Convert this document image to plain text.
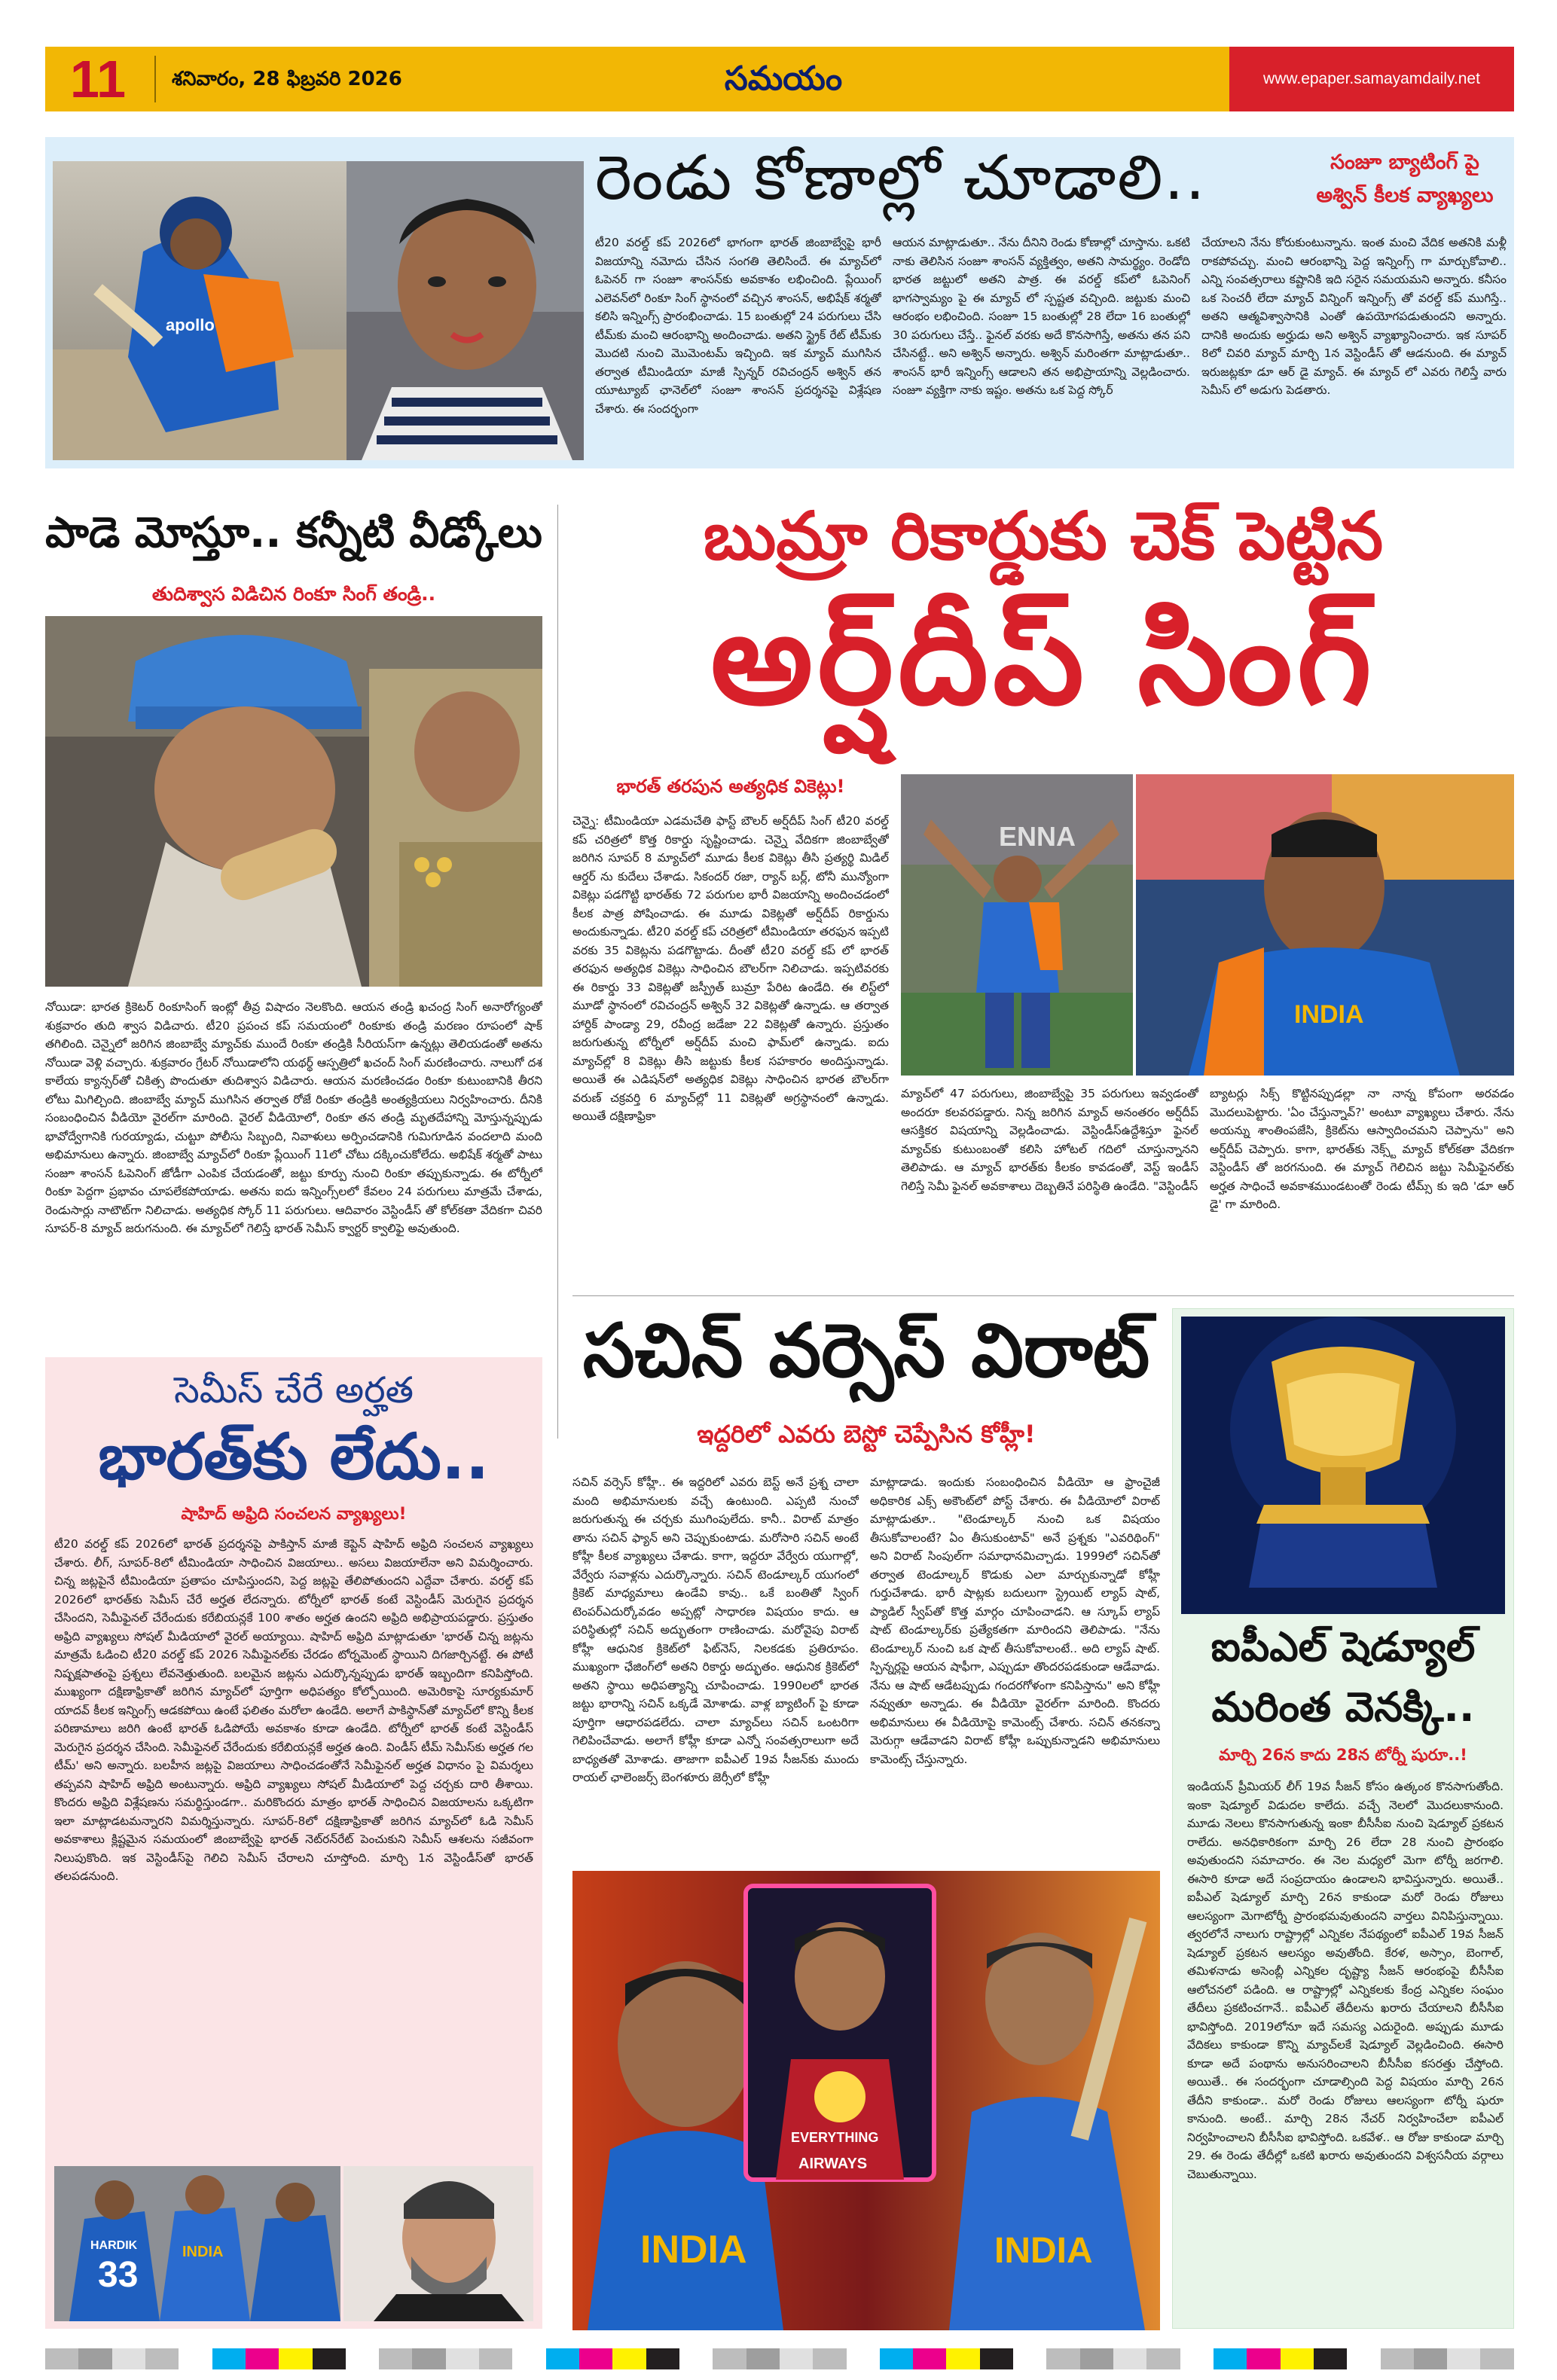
11	శనివారం, 28 ఫిబ్రవరి 2026	సమయం	www.epaper.samayamdaily.net
apollo
రెండు కోణాల్లో చూడాలి..	సంజూ బ్యాటింగ్‌ పై
అశ్విన్‌ కీలక వ్యాఖ్యలు
టీ20 వరల్డ్ కప్ 2026లో భాగంగా భారత్ జింబాబ్వేపై భారీ విజయాన్ని నమోదు చేసిన సంగతి తెలిసిందే. ఈ మ్యాచ్‌లో ఓపెనర్ గా సంజూ శాంసన్‌కు అవకాశం లభించింది. ప్లేయింగ్ ఎలెవన్‌లో రింకూ సింగ్ స్థానంలో వచ్చిన శాంసన్, అభిషేక్ శర్మతో కలిసి ఇన్నింగ్స్ ప్రారంభించాడు. 15 బంతుల్లో 24 పరుగులు చేసి టీమ్‌కు మంచి ఆరంభాన్ని అందించాడు. అతని స్ట్రైక్ రేట్ టీమ్‌కు మొదటి నుంచి మొమెంటమ్ ఇచ్చింది. ఇక మ్యాచ్ ముగిసిన తర్వాత టీమిండియా మాజీ స్పిన్నర్ రవిచంద్రన్ అశ్విన్ తన యూట్యూబ్ ఛానెల్‌లో సంజూ శాంసన్ ప్రదర్శనపై విశ్లేషణ చేశారు. ఈ సందర్భంగా
ఆయన మాట్లాడుతూ.. నేను దీనిని రెండు కోణాల్లో చూస్తాను. ఒకటి నాకు తెలిసిన సంజూ శాంసన్ వ్యక్తిత్వం, అతని సామర్థ్యం. రెండోది భారత జట్టులో అతని పాత్ర. ఈ వరల్డ్ కప్‌లో ఓపెనింగ్ భాగస్వామ్యం పై ఈ మ్యాచ్ లో స్పష్టత వచ్చింది. జట్టుకు మంచి ఆరంభం లభించింది. సంజూ 15 బంతుల్లో 28 లేదా 16 బంతుల్లో 30 పరుగులు చేస్తే.. ఫైనల్ వరకు అదే కొనసాగిస్తే, అతను తన పని చేసినట్టే.. అని అశ్విన్ అన్నారు. అశ్విన్ మరింతగా మాట్లాడుతూ.. శాంసన్ భారీ ఇన్నింగ్స్ ఆడాలని తన అభిప్రాయాన్ని వెల్లడించారు. సంజూ వ్యక్తిగా నాకు ఇష్టం. అతను ఒక పెద్ద స్కోర్
చేయాలని నేను కోరుకుంటున్నాను. ఇంత మంచి వేదిక అతనికి మళ్లీ రాకపోవచ్చు. మంచి ఆరంభాన్ని పెద్ద ఇన్నింగ్స్ గా మార్చుకోవాలి.. ఎన్ని సంవత్సరాలు కష్టానికి ఇది సరైన సమయమని అన్నారు. కనీసం ఒక సెంచరీ లేదా మ్యాచ్ విన్నింగ్ ఇన్నింగ్స్ తో వరల్డ్ కప్ ముగిస్తే.. అతని ఆత్మవిశ్వాసానికి ఎంతో ఉపయోగపడుతుందని అన్నారు. దానికి అందుకు అర్హుడు అని అశ్విన్ వ్యాఖ్యానించారు. ఇక సూపర్ 8లో చివరి మ్యాచ్ మార్చి 1న వెస్టిండీస్ తో ఆడనుంది. ఈ మ్యాచ్ ఇరుజట్లకూ డూ ఆర్ డై మ్యాచ్. ఈ మ్యాచ్ లో ఎవరు గెలిస్తే వారు సెమీస్ లో అడుగు పెడతారు.
పాడె మోస్తూ.. కన్నీటి వీడ్కోలు
తుదిశ్వాస విడిచిన రింకూ సింగ్ తండ్రి..
నోయిడా: భారత క్రికెటర్ రింకూసింగ్ ఇంట్లో తీవ్ర విషాదం నెలకొంది. ఆయన తండ్రి ఖచంద్ర సింగ్ అనారోగ్యంతో శుక్రవారం తుది శ్వాస విడిచారు. టీ20 ప్రపంచ కప్ సమయంలో రింకూకు తండ్రి మరణం రూపంలో షాక్ తగిలింది. చెన్నైలో జరిగిన జింబాబ్వే మ్యాచ్‌కు ముందే రింకూ తండ్రికి సీరియస్‌గా ఉన్నట్లు తెలియడంతో అతను నోయిడా వెళ్లి వచ్చారు. శుక్రవారం గ్రేటర్ నోయిడాలోని యథర్థ్ ఆస్పత్రిలో ఖచంద్ సింగ్ మరణించారు. నాలుగో దశ కాలేయ క్యాన్సర్‌తో చికిత్స పొందుతూ తుదిశ్వాస విడిచారు. ఆయన మరణించడం రింకూ కుటుంబానికి తీరని లోటు మిగిల్చింది. జింబాబ్వే మ్యాచ్ ముగిసిన తర్వాత రోజే రింకూ తండ్రికి అంత్యక్రియలు నిర్వహించారు. దీనికి సంబంధించిన వీడియో వైరల్‌గా మారింది. వైరల్ వీడియోలో, రింకూ తన తండ్రి మృతదేహాన్ని మోస్తున్నప్పుడు భావోద్వేగానికి గురయ్యాడు, చుట్టూ పోలీసు సిబ్బంది, నివాళులు అర్పించడానికి గుమిగూడిన వందలాది మంది అభిమానులు ఉన్నారు. జింబాబ్వే మ్యాచ్‌లో రింకూ ప్లేయింగ్ 11లో చోటు దక్కించుకోలేదు. అభిషేక్ శర్మతో పాటు సంజూ శాంసన్ ఓపెనింగ్ జోడీగా ఎంపిక చేయడంతో, జట్టు కూర్పు నుంచి రింకూ తప్పుకున్నాడు. ఈ టోర్నీలో రింకూ పెద్దగా ప్రభావం చూపలేకపోయాడు. అతను ఐదు ఇన్నింగ్స్‌లలో కేవలం 24 పరుగులు మాత్రమే చేశాడు, రెండుసార్లు నాటౌట్‌గా నిలిచాడు. అత్యధిక స్కోర్ 11 పరుగులు. ఆదివారం వెస్టిండీస్ తో కోల్‌కతా వేదికగా చివరి సూపర్-8 మ్యాచ్ జరుగనుంది. ఈ మ్యాచ్‌లో గెలిస్తే భారత్ సెమీస్ క్వార్టర్ క్వాలిఫై అవుతుంది.
బుమ్రా రికార్డుకు చెక్ పెట్టిన
అర్ష్‌దీప్ సింగ్
భారత్ తరపున అత్యధిక వికెట్లు!
చెన్నై: టీమిండియా ఎడమచేతి ఫాస్ట్ బౌలర్ అర్ష్‌దీప్ సింగ్ టీ20 వరల్డ్ కప్ చరిత్రలో కొత్త రికార్డు సృష్టించాడు. చెన్నై వేదికగా జింబాబ్వేతో జరిగిన సూపర్ 8 మ్యాచ్‌లో మూడు కీలక వికెట్లు తీసి ప్రత్యర్థి మిడిల్ ఆర్డర్ ను కుదేలు చేశాడు. సికందర్ రజా, ర్యాన్ బర్ల్, టోనీ మున్యోంగా వికెట్లు పడగొట్టి భారత్‌కు 72 పరుగుల భారీ విజయాన్ని అందించడంలో కీలక పాత్ర పోషించాడు. ఈ మూడు వికెట్లతో అర్ష్‌దీప్ రికార్డును అందుకున్నాడు. టీ20 వరల్డ్ కప్ చరిత్రలో టీమిండియా తరఫున ఇప్పటి వరకు 35 వికెట్లను పడగొట్టాడు. దీంతో టీ20 వరల్డ్ కప్ లో భారత్ తరఫున అత్యధిక వికెట్లు సాధించిన బౌలర్‌గా నిలిచాడు. ఇప్పటివరకు ఈ రికార్డు 33 వికెట్లతో జస్ప్రీత్ బుమ్రా పేరిట ఉండేది. ఈ లిస్ట్‌లో మూడో స్థానంలో రవిచంద్రన్ అశ్విన్ 32 వికెట్లతో ఉన్నాడు. ఆ తర్వాత హార్దిక్ పాండ్యా 29, రవీంద్ర జడేజా 22 వికెట్లతో ఉన్నారు. ప్రస్తుతం జరుగుతున్న టోర్నీలో అర్ష్‌దీప్ మంచి ఫామ్‌లో ఉన్నాడు. ఐదు మ్యాచ్‌ల్లో 8 వికెట్లు తీసి జట్టుకు కీలక సహకారం అందిస్తున్నాడు. అయితే ఈ ఎడిషన్‌లో అత్యధిక వికెట్లు సాధించిన భారత బౌలర్‌గా వరుణ్ చక్రవర్తి 6 మ్యాచ్‌ల్లో 11 వికెట్లతో అగ్రస్థానంలో ఉన్నాడు. అయితే దక్షిణాఫ్రికా
ENNA
INDIA
మ్యాచ్‌లో 47 పరుగులు, జింబాబ్వేపై 35 పరుగులు ఇవ్వడంతో అందరూ కలవరపడ్డారు. నిన్న జరిగిన మ్యాచ్ అనంతరం అర్ష్‌దీప్ ఆసక్తికర విషయాన్ని వెల్లడించాడు. వెస్టిండీస్‌ఉద్దేశిస్తూ ఫైనల్ మ్యాచ్‌కు కుటుంబంతో కలిసి హోటల్ గదిలో చూస్తున్నానని తెలిపాడు. ఆ మ్యాచ్ భారత్‌కు కీలకం కావడంతో, వెస్ట్ ఇండీస్ గెలిస్తే సెమీ ఫైనల్ అవకాశాలు దెబ్బతినే పరిస్థితి ఉండేది. "వెస్టిండీస్
బ్యాటర్లు సిక్స్ కొట్టినప్పుడల్లా నా నాన్న కోపంగా అరవడం మొదలుపెట్టారు. 'ఏం చేస్తున్నావ్?' అంటూ వ్యాఖ్యలు చేశారు. నేను అయన్ను శాంతింపజేసి, క్రికెట్‌ను ఆస్వాదించమని చెప్పాను" అని అర్ష్‌దీప్ చెప్పారు. కాగా, భారత్‌కు నెక్స్ట్ మ్యాచ్ కోల్‌కతా వేదికగా వెస్టిండీస్ తో జరగనుంది. ఈ మ్యాచ్ గెలిచిన జట్టు సెమీఫైనల్‌కు అర్హత సాధించే అవకాశముండటంతో రెండు టీమ్స్ కు ఇది 'డూ ఆర్ డై' గా మారింది.
సెమీస్ చేరే అర్హత
భారత్‌కు లేదు..
షాహిద్ అఫ్రిది సంచలన వ్యాఖ్యలు!
టీ20 వరల్డ్ కప్ 2026లో భారత్ ప్రదర్శనపై పాకిస్తాన్ మాజీ కెప్టెన్ షాహిద్ అఫ్రిది సంచలన వ్యాఖ్యలు చేశారు. లీగ్, సూపర్-8లో టీమిండియా సాధించిన విజయాలు.. అసలు విజయాలేనా అని విమర్శించారు. చిన్న జట్లపైనే టీమిండియా ప్రతాపం చూపిస్తుందని, పెద్ద జట్లపై తేలిపోతుందని ఎద్దేవా చేశారు. వరల్డ్ కప్ 2026లో భారత్‌కు సెమీస్ చేరే అర్హత లేదన్నారు. టోర్నీలో భారత్ కంటే వెస్టిండీస్ మెరుగైన ప్రదర్శన చేసిందని, సెమీఫైనల్ చేరేందుకు కరేబియన్లకే 100 శాతం అర్హత ఉందని అఫ్రిది అభిప్రాయపడ్డారు. ప్రస్తుతం అఫ్రిది వ్యాఖ్యలు సోషల్ మీడియాలో వైరల్ అయ్యాయి. షాహిద్ అఫ్రిది మాట్లాడుతూ 'భారత్ చిన్న జట్లను మాత్రమే ఓడించి టీ20 వరల్డ్ కప్ 2026 సెమీఫైనల్‌కు చేరడం టోర్నమెంట్ స్థాయిని దిగజార్చినట్టే. ఈ పోటీ నిష్పక్షపాతంపై ప్రశ్నలు లేవనెత్తుతుంది. బలమైన జట్లను ఎదుర్కొన్నప్పుడు భారత్ ఇబ్బందిగా కనిపిస్తోంది. ముఖ్యంగా దక్షిణాఫ్రికాతో జరిగిన మ్యాచ్‌లో పూర్తిగా అధిపత్యం కోల్పోయింది. అమెరికాపై సూర్యకుమార్ యాదవ్ కీలక ఇన్నింగ్స్ ఆడకపోయి ఉంటే ఫలితం మరోలా ఉండేది. అలాగే పాకిస్థాన్‌తో మ్యాచ్‌లో కొన్ని కీలక పరిణామాలు జరిగి ఉంటే భారత్ ఓడిపోయే అవకాశం కూడా ఉండేది. టోర్నీలో భారత్ కంటే వెస్టిండీస్ మెరుగైన ప్రదర్శన చేసింది. సెమీఫైనల్ చేరేందుకు కరేబియన్లకే అర్హత ఉంది. విండీస్ టీమ్ సెమీస్‌కు అర్హత గల టీమ్' అని అన్నారు. బలహీన జట్లపై విజయాలు సాధించడంతోనే సెమీఫైనల్ అర్హత విధానం పై విమర్శలు తప్పవని షాహిద్ అఫ్రిది అంటున్నారు. అఫ్రిది వ్యాఖ్యలు సోషల్ మీడియాలో పెద్ద చర్చకు దారి తీశాయి. కొందరు అఫ్రిది విశ్లేషణను సమర్థిస్తుండగా.. మరికొందరు మాత్రం భారత్ సాధించిన విజయాలను ఒక్కటిగా ఇలా మాట్లాడటమన్నారని విమర్శిస్తున్నారు. సూపర్-8లో దక్షిణాఫ్రికాతో జరిగిన మ్యాచ్‌లో ఓడి సెమీస్ అవకాశాలు క్లిష్టమైన సమయంలో జింబాబ్వేపై భారత్ నెట్‌రన్‌రేట్ పెంచుకుని సెమీస్ ఆశలను సజీవంగా నిలుపుకొంది. ఇక వెస్టిండీస్‌పై గెలిచి సెమీస్ చేరాలని చూస్తోంది. మార్చి 1న వెస్టిండీస్‌తో భారత్ తలపడనుంది.
HARDIK
33
INDIA
సచిన్ వర్సెస్ విరాట్
ఇద్దరిలో ఎవరు బెస్టో చెప్పేసిన కోహ్లీ!
సచిన్ వర్సెస్ కోహ్లీ.. ఈ ఇద్దరిలో ఎవరు బెస్ట్ అనే ప్రశ్న చాలా మంది అభిమానులకు వచ్చే ఉంటుంది. ఎప్పటి నుంచో జరుగుతున్న ఈ చర్చకు ముగింపులేదు. కానీ.. విరాట్ మాత్రం తాను సచిన్ ఫ్యాన్ అని చెప్పుకుంటాడు. మరోసారి సచిన్ అంటే కోహ్లీ కీలక వ్యాఖ్యలు చేశాడు. కాగా, ఇద్దరూ వేర్వేరు యుగాల్లో, వేర్వేరు సవాళ్లను ఎదుర్కొన్నారు. సచిన్ టెండూల్కర్ యుగంలో క్రికెట్ మాధ్యమాలు ఉండేవి కావు.. ఒకే బంతితో స్వింగ్ టెంపర్‌ఎదుర్కోవడం అప్పట్లో సాధారణ విషయం కాదు. ఆ పరిస్థితుల్లో సచిన్ అద్భుతంగా రాణించాడు. మరోవైపు విరాట్ కోహ్లీ ఆధునిక క్రికెట్‌లో ఫిట్‌నెస్, నిలకడకు ప్రతిరూపం. ముఖ్యంగా ఛేజింగ్‌లో అతని రికార్డు అద్భుతం. ఆధునిక క్రికెట్‌లో అతని స్థాయి అధిపత్యాన్ని చూపించాడు. 1990లలో భారత జట్టు భారాన్ని సచిన్ ఒక్కడే మోశాడు. వాళ్ల బ్యాటింగ్ పై కూడా పూర్తిగా ఆధారపడలేదు. చాలా మ్యాచ్‌లు సచిన్ ఒంటరిగా గెలిపించేవాడు. అలాగే కోహ్లీ కూడా ఎన్నో సంవత్సరాలుగా అదే బాధ్యతతో మోశాడు. తాజాగా ఐపీఎల్ 19వ సీజన్‌కు ముందు రాయల్ ఛాలెంజర్స్ బెంగళూరు జెర్సీలో కోహ్లీ
మాట్లాడాడు. ఇందుకు సంబంధించిన వీడియో ఆ ఫ్రాంచైజీ అధికారిక ఎక్స్ అకౌంట్‌లో పోస్ట్ చేశారు. ఈ వీడియోలో విరాట్ మాట్లాడుతూ.. "టెండూల్కర్ నుంచి ఒక విషయం తీసుకోవాలంటే? ఏం తీసుకుంటావ్" అనే ప్రశ్నకు "ఎవరిథింగ్" అని విరాట్ సింపుల్‌గా సమాధానమిచ్చాడు. 1999లో సచిన్‌తో తర్వాత టెండూల్కర్ కొడుకు ఎలా మార్చుకున్నాడో కోహ్లీ గుర్తుచేశాడు. భారీ షాట్లకు బదులుగా స్ట్రెయిట్ ల్యాప్ షాట్, ప్యాడిల్ స్వీప్‌తో కొత్త మార్గం చూపించాడని. ఆ స్కూప్ ల్యాప్ షాట్ టెండూల్కర్‌కు ప్రత్యేకతగా మారిందని తెలిపాడు. "నేను టెండూల్కర్ నుంచి ఒక షాట్ తీసుకోవాలంటే.. అది ల్యాప్ షాట్. స్పిన్నర్లపై ఆయన షాఫీగా, ఎప్పుడూ తొందరపడకుండా ఆడేవాడు. నేను ఆ షాట్ ఆడేటప్పుడు గందరగోళంగా కనిపిస్తాను" అని కోహ్లీ నవ్వుతూ అన్నాడు. ఈ వీడియో వైరల్‌గా మారింది. కొందరు అభిమానులు ఈ వీడియోపై కామెంట్స్ చేశారు. సచిన్ తనకన్నా మెరుగ్గా ఆడేవాడని విరాట్ కోహ్లీ ఒప్పుకున్నాడని అభిమానులు కామెంట్స్ చేస్తున్నారు.
INDIA
EVERYTHING
AIRWAYS
INDIA
ఐపీఎల్ షెడ్యూల్
మరింత వెనక్కి..
మార్చి 26న కాదు 28న టోర్నీ షురూ..!
ఇండియన్ ప్రీమియర్ లీగ్ 19వ సీజన్ కోసం ఉత్కంఠ కొనసాగుతోంది. ఇంకా షెడ్యూల్ విడుదల కాలేదు. వచ్చే నెలలో మొదలుకానుంది. మూడు నెలలు కొనసాగుతున్న ఇంకా బీసీసీఐ నుంచి షెడ్యూల్ ప్రకటన రాలేదు. అనధికారికంగా మార్చి 26 లేదా 28 నుంచి ప్రారంభం అవుతుందని సమాచారం. ఈ నెల మధ్యలో మెగా టోర్నీ జరగాలి. ఈసారి కూడా అదే సంప్రదాయం ఉండాలని భావిస్తున్నారు. అయితే.. ఐపీఎల్‌ షెడ్యూల్ మార్చి 26న కాకుండా మరో రెండు రోజులు ఆలస్యంగా మెగాటోర్నీ ప్రారంభమవుతుందని వార్తలు వినిపిస్తున్నాయి. త్వరలోనే నాలుగు రాష్ట్రాల్లో ఎన్నికల నేపథ్యంలో ఐపీఎల్ 19వ సీజన్ షెడ్యూల్ ప్రకటన ఆలస్యం అవుతోంది. కేరళ, అస్సాం, బెంగాల్, తమిళనాడు అసెంబ్లీ ఎన్నికల దృష్ట్యా సీజన్ ఆరంభంపై బీసీసీఐ ఆలోచనలో పడింది. ఆ రాష్ట్రాల్లో ఎన్నికలకు కేంద్ర ఎన్నికల సంఘం తేదీలు ప్రకటించగానే.. ఐపీఎల్ తేదీలను ఖరారు చేయాలని బీసీసీఐ భావిస్తోంది. 2019లోనూ ఇదే సమస్య ఎదురైంది. అప్పుడు మూడు వేదికలు కాకుండా కొన్ని మ్యాచ్‌లకే షెడ్యూల్ వెల్లడించింది. ఈసారి కూడా అదే పంథాను అనుసరించాలని బీసీసీఐ కసరత్తు చేస్తోంది. అయితే.. ఈ సందర్భంగా చూడాల్సింది పెద్ద విషయం మార్చి 26న తేదీని కాకుండా.. మరో రెండు రోజులు ఆలస్యంగా టోర్నీ షురూ కానుంది. అంటే.. మార్చి 28న నేచర్ నిర్వహించేలా ఐపీఎల్ నిర్వహించాలని బీసీసీఐ భావిస్తోంది. ఒకవేళ.. ఆ రోజు కాకుండా మార్చి 29. ఈ రెండు తేదీల్లో ఒకటి ఖరారు అవుతుందని విశ్వసనీయ వర్గాలు చెబుతున్నాయి.
